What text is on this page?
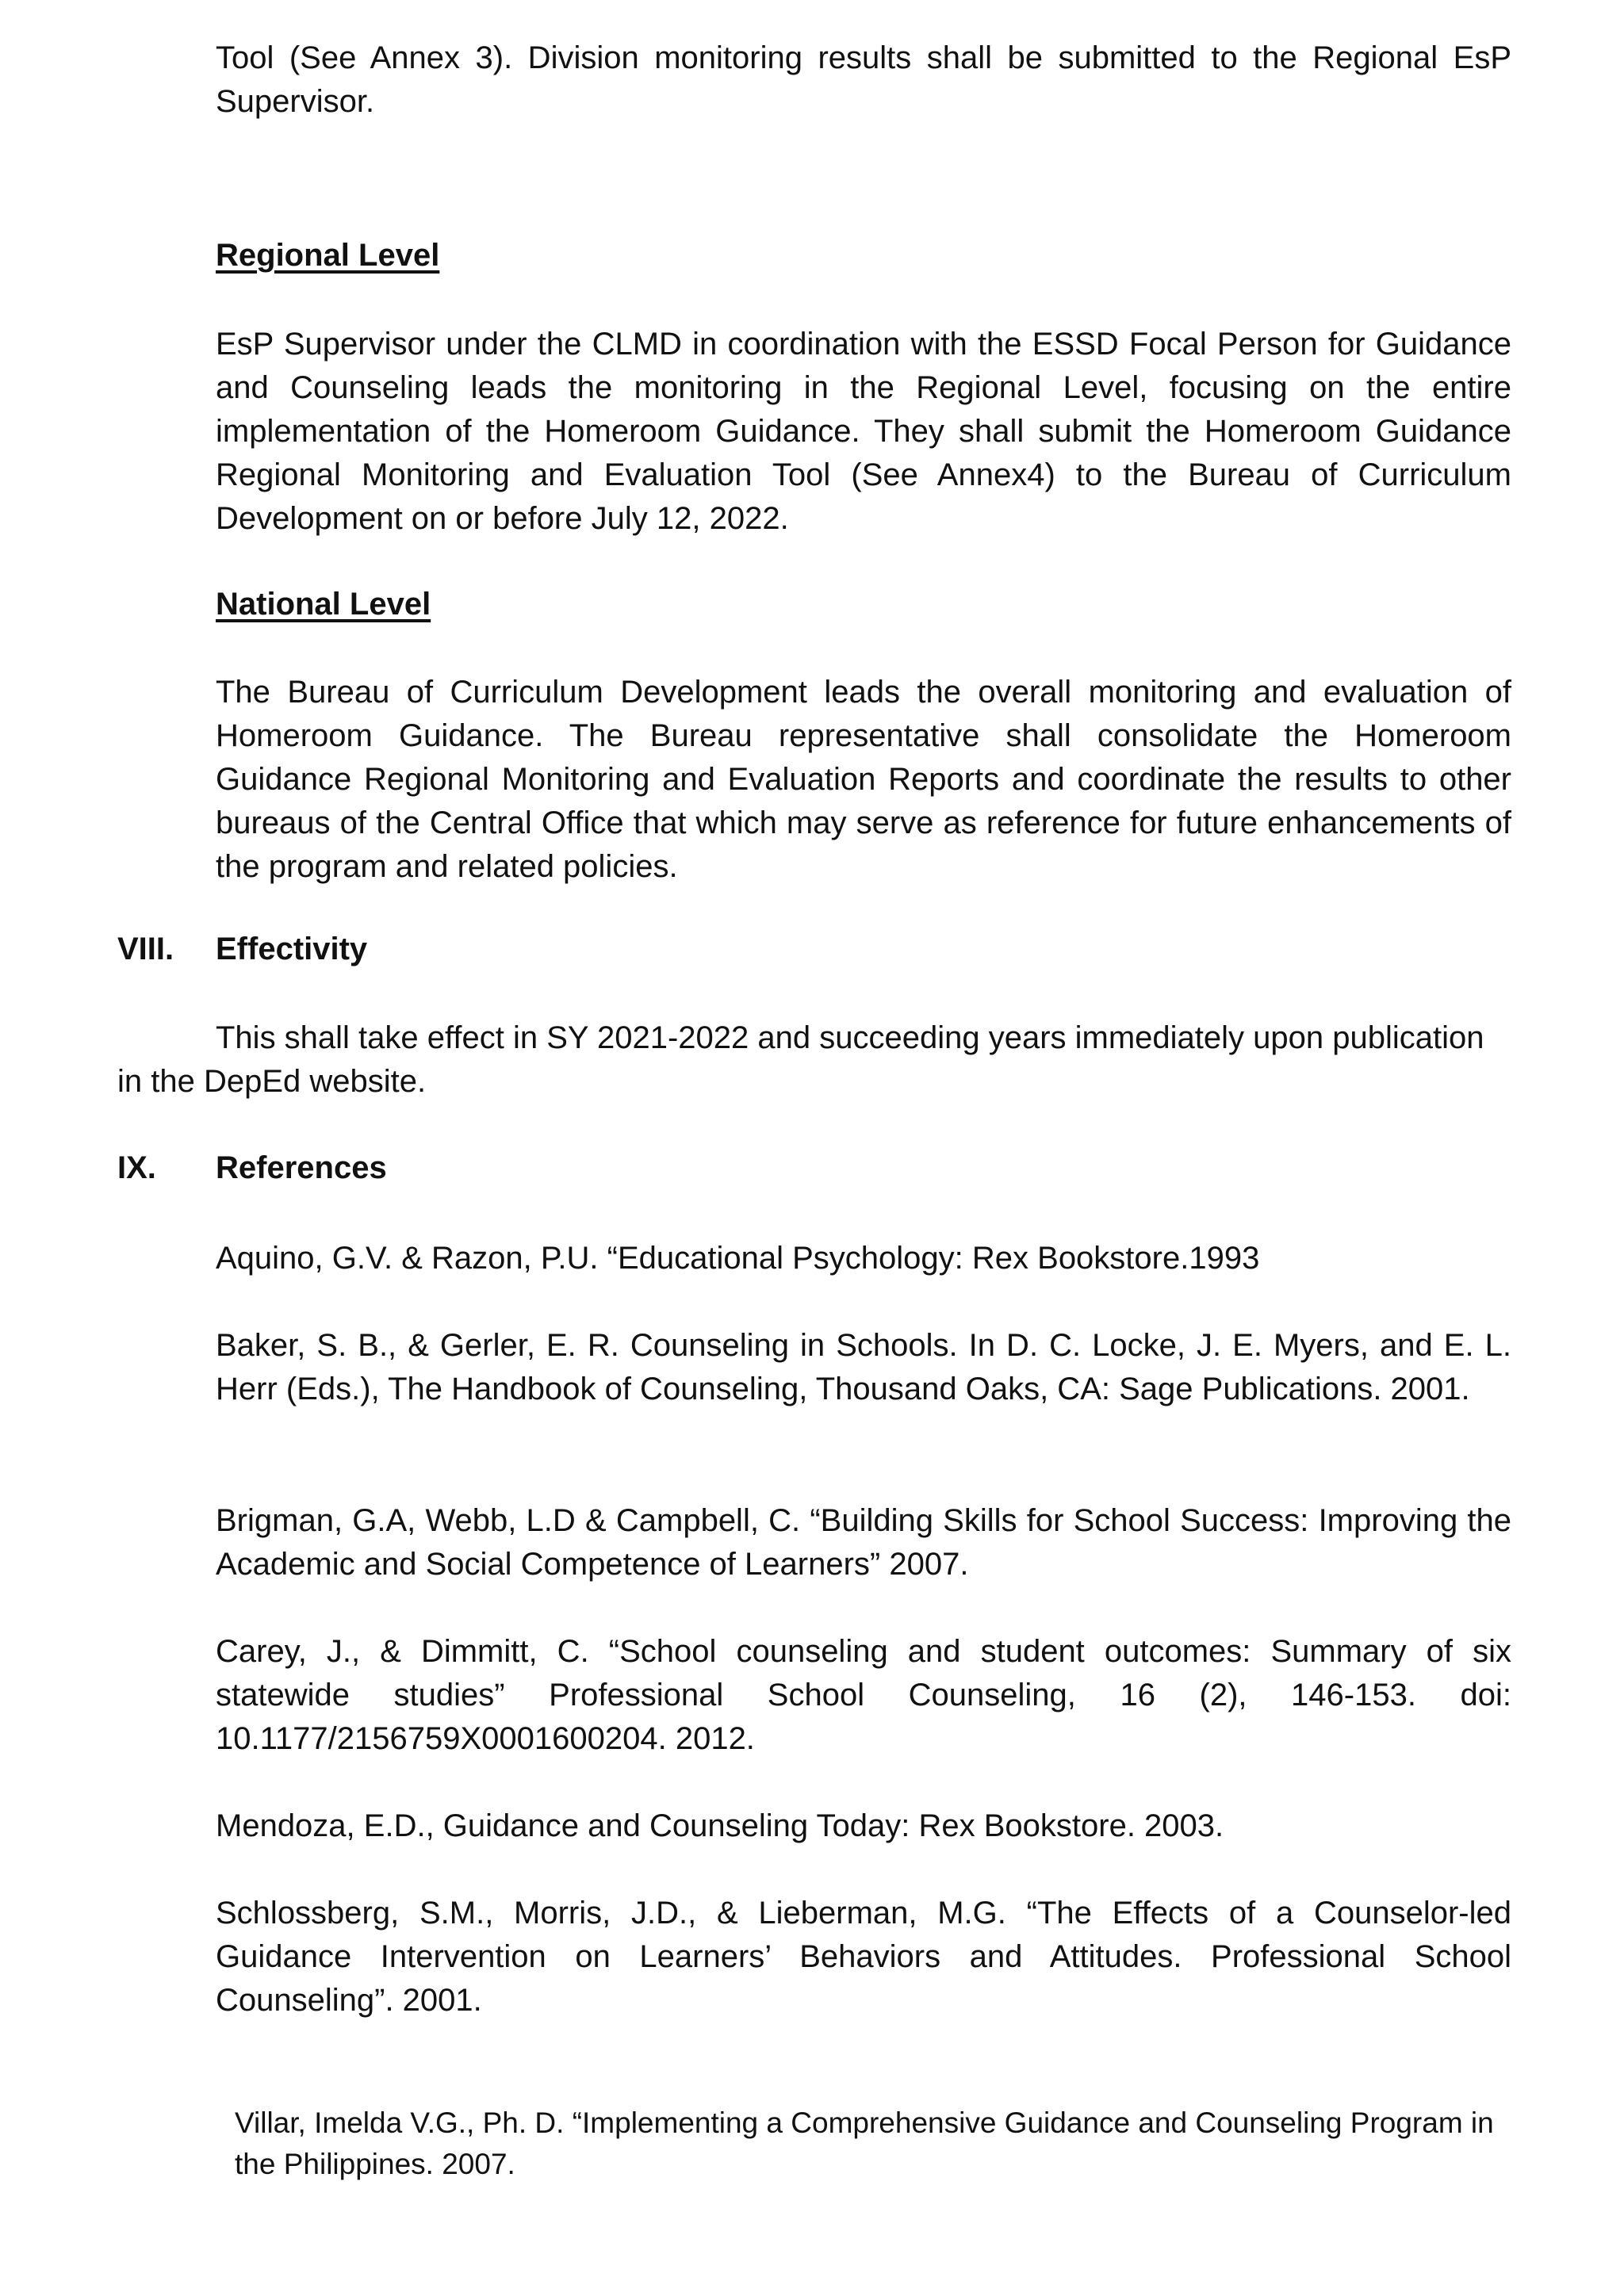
Tool (See Annex 3). Division monitoring results shall be submitted to the Regional EsP Supervisor.

Regional Level

EsP Supervisor under the CLMD in coordination with the ESSD Focal Person for Guidance and Counseling leads the monitoring in the Regional Level, focusing on the entire implementation of the Homeroom Guidance. They shall submit the Homeroom Guidance Regional Monitoring and Evaluation Tool (See Annex4) to the Bureau of Curriculum Development on or before July 12, 2022.

National Level

The Bureau of Curriculum Development leads the overall monitoring and evaluation of Homeroom Guidance. The Bureau representative shall consolidate the Homeroom Guidance Regional Monitoring and Evaluation Reports and coordinate the results to other bureaus of the Central Office that which may serve as reference for future enhancements of the program and related policies.

VIII. Effectivity

This shall take effect in SY 2021-2022 and succeeding years immediately upon publication in the DepEd website.

IX. References

Aquino, G.V. & Razon, P.U. “Educational Psychology: Rex Bookstore.1993

Baker, S. B., & Gerler, E. R. Counseling in Schools. In D. C. Locke, J. E. Myers, and E. L. Herr (Eds.), The Handbook of Counseling, Thousand Oaks, CA: Sage Publications. 2001.

Brigman, G.A, Webb, L.D & Campbell, C. “Building Skills for School Success: Improving the Academic and Social Competence of Learners” 2007.

Carey, J., & Dimmitt, C. “School counseling and student outcomes: Summary of six statewide studies” Professional School Counseling, 16 (2), 146-153. doi: 10.1177/2156759X0001600204. 2012.

Mendoza, E.D., Guidance and Counseling Today: Rex Bookstore. 2003.

Schlossberg, S.M., Morris, J.D., & Lieberman, M.G. “The Effects of a Counselor-led Guidance Intervention on Learners’ Behaviors and Attitudes. Professional School Counseling”. 2001.

Villar, Imelda V.G., Ph. D. “Implementing a Comprehensive Guidance and Counseling Program in the Philippines. 2007.
